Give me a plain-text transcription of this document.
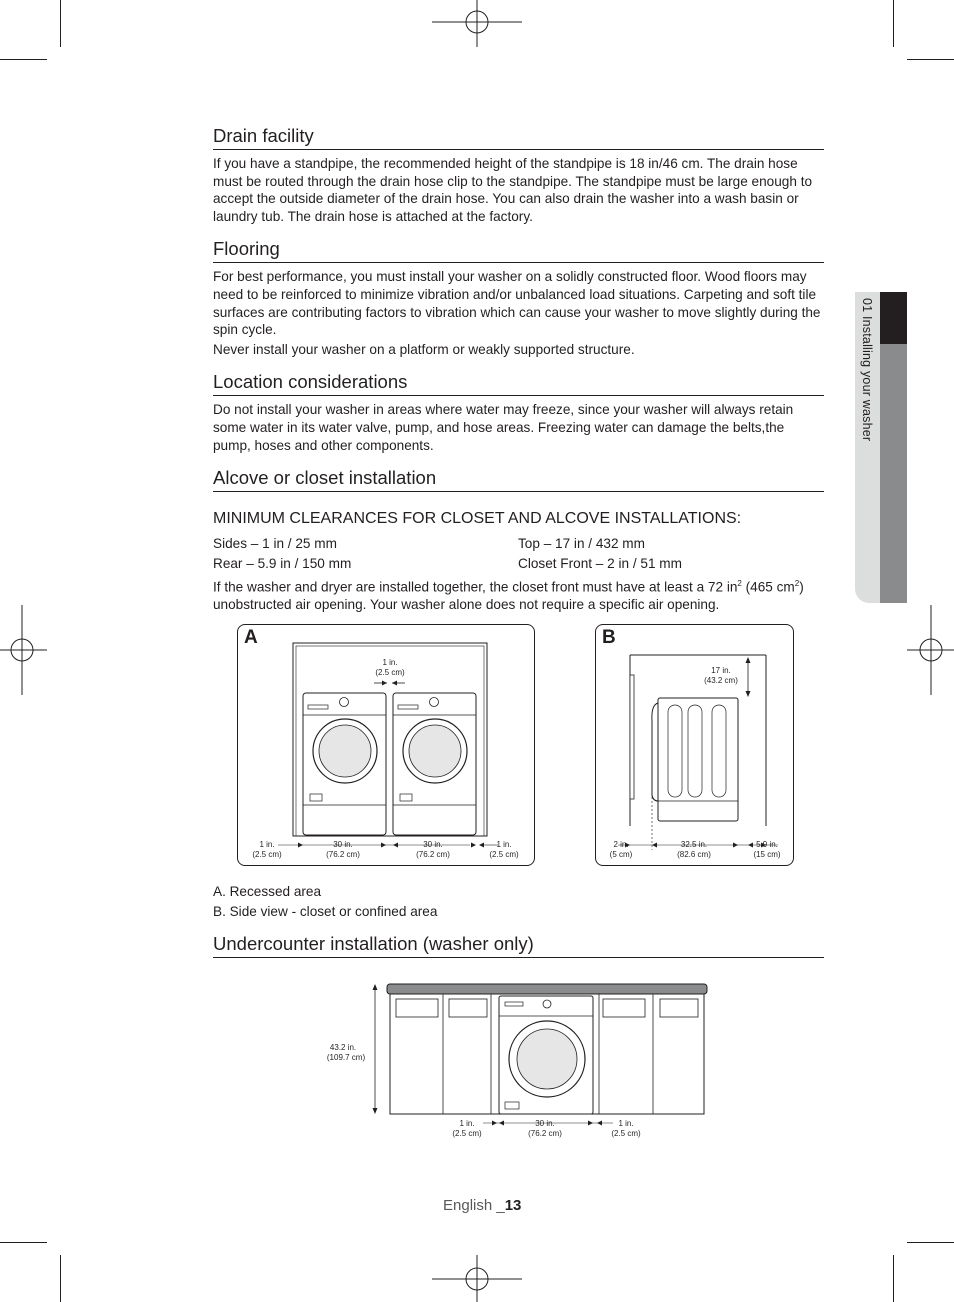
01 Installing your washer
Drain facility

If you have a standpipe, the recommended height of the standpipe is 18 in/46 cm. The drain hose must be routed through the drain hose clip to the standpipe. The standpipe must be large enough to accept the outside diameter of the drain hose. You can also drain the washer into a wash basin or laundry tub. The drain hose is attached at the factory.

Flooring

For best performance, you must install your washer on a solidly constructed floor. Wood floors may need to be reinforced to minimize vibration and/or unbalanced load situations. Carpeting and soft tile surfaces are contributing factors to vibration which can cause your washer to move slightly during the spin cycle.

Never install your washer on a platform or weakly supported structure.

Location considerations

Do not install your washer in areas where water may freeze, since your washer will always retain some water in its water valve, pump, and hose areas. Freezing water can damage the belts,the pump, hoses and other components.

Alcove or closet installation
MINIMUM CLEARANCES FOR CLOSET AND ALCOVE INSTALLATIONS:
Sides – 1 in / 25 mm	Top – 17 in / 432 mm
Rear – 5.9 in / 150 mm	Closet Front – 2 in / 51 mm

If the washer and dryer are installed together, the closet front must have at least a 72 $in^2$ (465 $cm^2$) unobstructed air opening. Your washer alone does not require a specific air opening.

A
1 in.
(2.5 cm)
1 in.
(2.5 cm)
30 in.
(76.2 cm)
30 in.
(76.2 cm)
1 in.
(2.5 cm)
B
17 in.
(43.2 cm)
2 in.
(5 cm)
32.5 in.
(82.6 cm)
5.9 in.
(15 cm)
A. Recessed area
B. Side view - closet or confined area
Undercounter installation (washer only)
43.2 in.
(109.7 cm)
1 in.
(2.5 cm)
30 in.
(76.2 cm)
1 in.
(2.5 cm)
English _13
